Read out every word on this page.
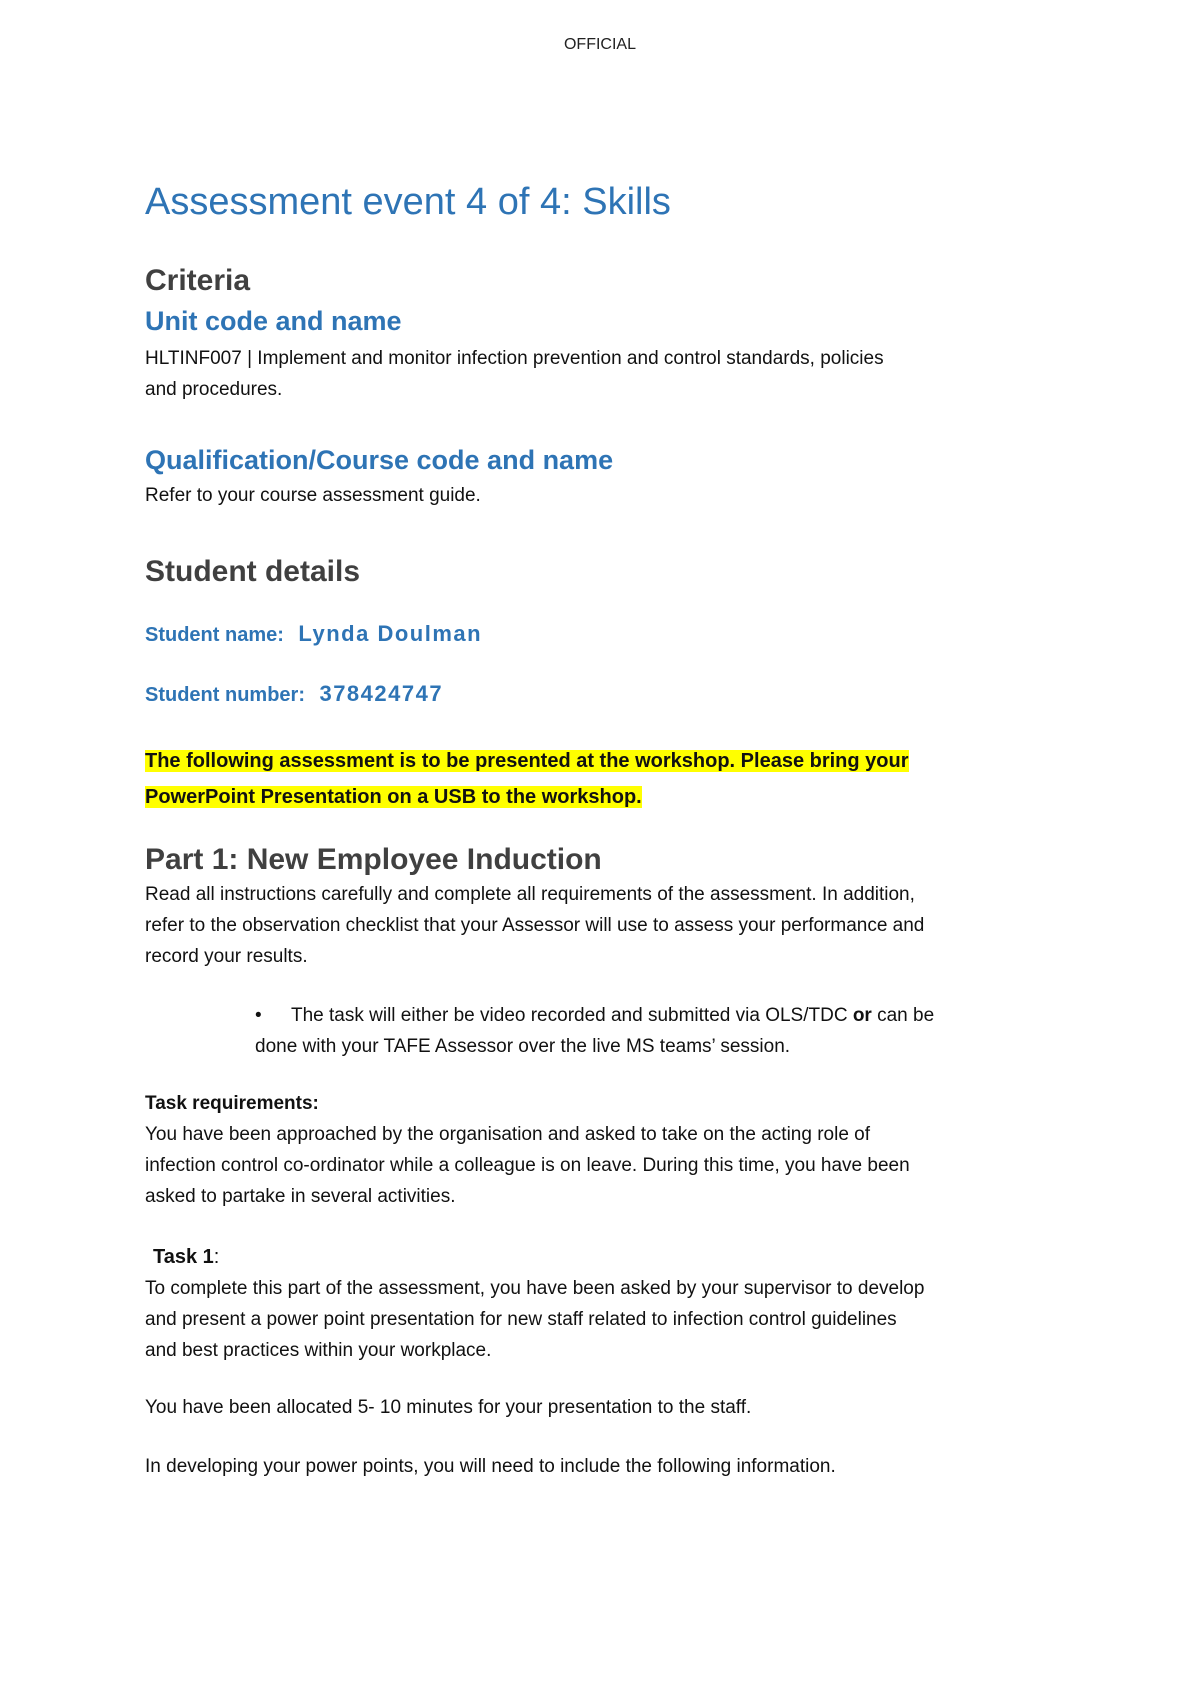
OFFICIAL
Assessment event 4 of 4: Skills
Criteria
Unit code and name

HLTINF007 | Implement and monitor infection prevention and control standards, policies

and procedures.

Qualification/Course code and name

Refer to your course assessment guide.

Student details
Student name: Lynda Doulman
Student number: 378424747
The following assessment is to be presented at the workshop. Please bring your
PowerPoint Presentation on a USB to the workshop.
Part 1: New Employee Induction

Read all instructions carefully and complete all requirements of the assessment. In addition,

refer to the observation checklist that your Assessor will use to assess your performance and

record your results.

•	The task will either be video recorded and submitted via OLS/TDC or can be

done with your TAFE Assessor over the live MS teams’ session.

Task requirements:

You have been approached by the organisation and asked to take on the acting role of

infection control co-ordinator while a colleague is on leave. During this time, you have been

asked to partake in several activities.

Task 1:

To complete this part of the assessment, you have been asked by your supervisor to develop

and present a power point presentation for new staff related to infection control guidelines

and best practices within your workplace.

You have been allocated 5- 10 minutes for your presentation to the staff.

In developing your power points, you will need to include the following information.
